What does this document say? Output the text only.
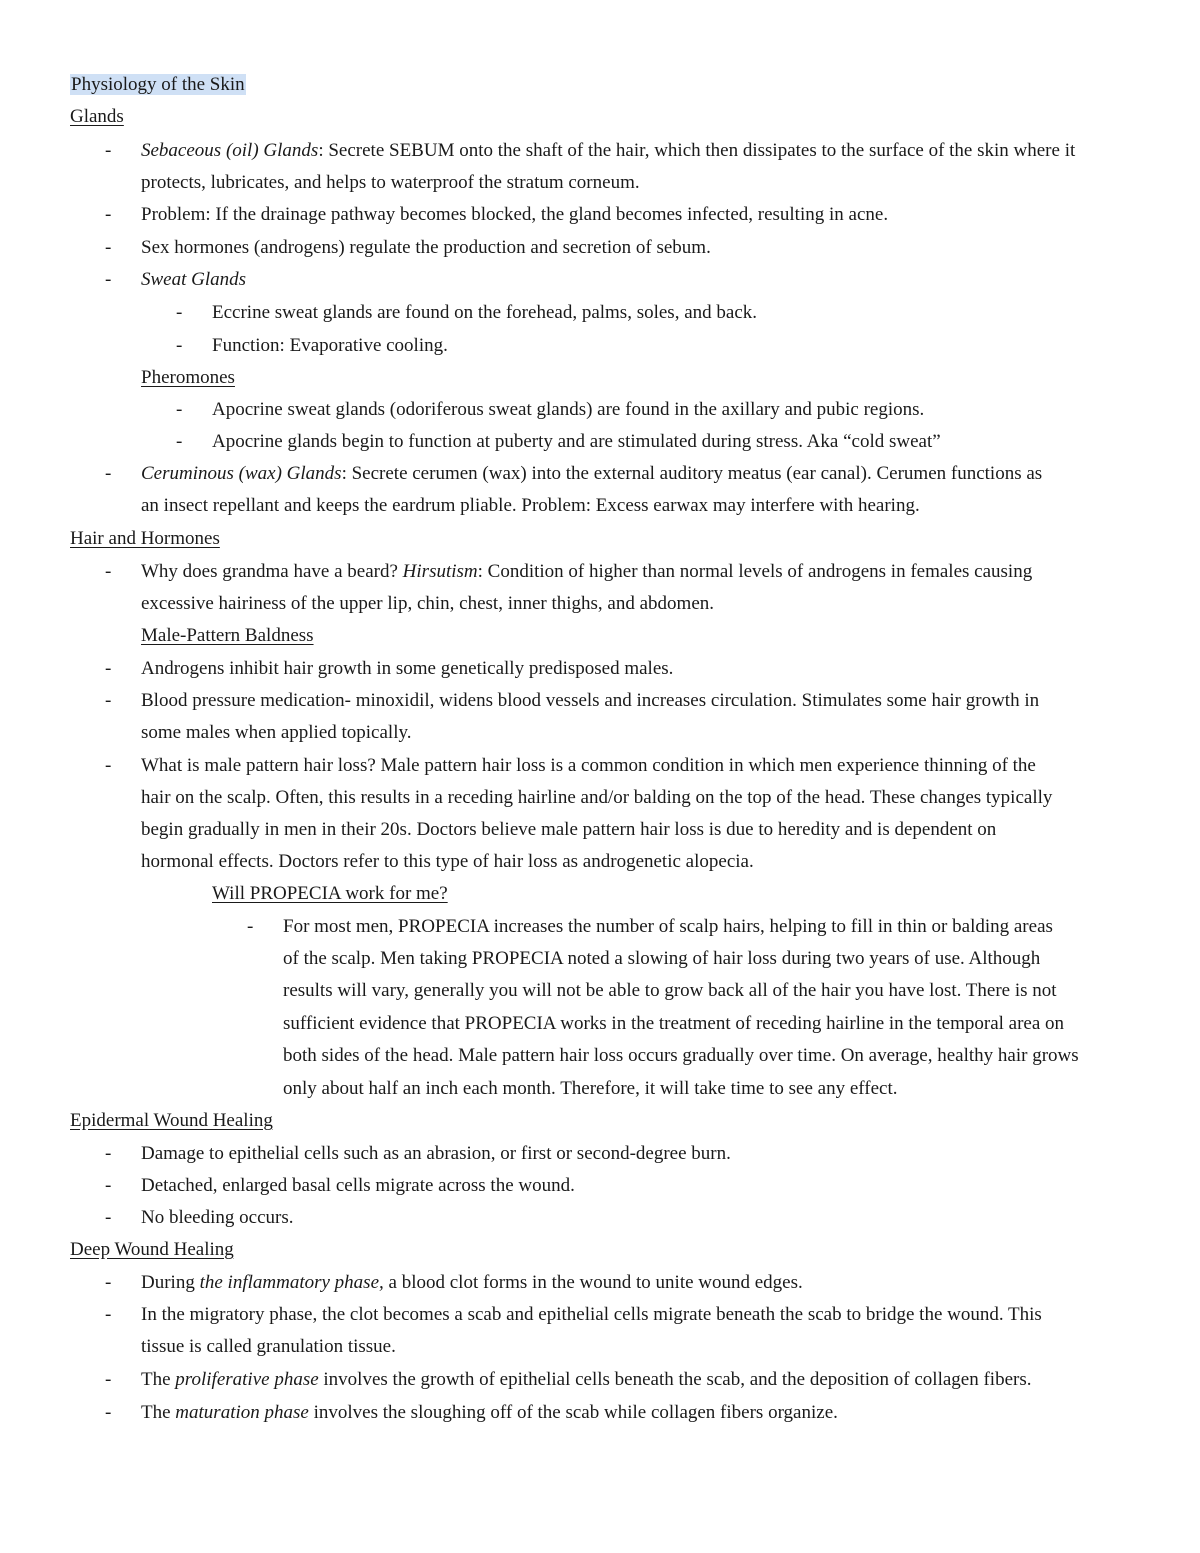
Physiology of the Skin
Glands
- Sebaceous (oil) Glands: Secrete SEBUM onto the shaft of the hair, which then dissipates to the surface of the skin where it
protects, lubricates, and helps to waterproof the stratum corneum.
- Problem: If the drainage pathway becomes blocked, the gland becomes infected, resulting in acne.
- Sex hormones (androgens) regulate the production and secretion of sebum.
- Sweat Glands
- Eccrine sweat glands are found on the forehead, palms, soles, and back.
- Function: Evaporative cooling.
Pheromones
- Apocrine sweat glands (odoriferous sweat glands) are found in the axillary and pubic regions.
- Apocrine glands begin to function at puberty and are stimulated during stress. Aka “cold sweat”
- Ceruminous (wax) Glands: Secrete cerumen (wax) into the external auditory meatus (ear canal). Cerumen functions as
an insect repellant and keeps the eardrum pliable. Problem: Excess earwax may interfere with hearing.
Hair and Hormones
- Why does grandma have a beard? Hirsutism: Condition of higher than normal levels of androgens in females causing
excessive hairiness of the upper lip, chin, chest, inner thighs, and abdomen.
Male-Pattern Baldness
- Androgens inhibit hair growth in some genetically predisposed males.
- Blood pressure medication- minoxidil, widens blood vessels and increases circulation. Stimulates some hair growth in
some males when applied topically.
- What is male pattern hair loss? Male pattern hair loss is a common condition in which men experience thinning of the
hair on the scalp. Often, this results in a receding hairline and/or balding on the top of the head. These changes typically
begin gradually in men in their 20s. Doctors believe male pattern hair loss is due to heredity and is dependent on
hormonal effects. Doctors refer to this type of hair loss as androgenetic alopecia.
Will PROPECIA work for me?
- For most men, PROPECIA increases the number of scalp hairs, helping to fill in thin or balding areas
of the scalp. Men taking PROPECIA noted a slowing of hair loss during two years of use. Although
results will vary, generally you will not be able to grow back all of the hair you have lost. There is not
sufficient evidence that PROPECIA works in the treatment of receding hairline in the temporal area on
both sides of the head. Male pattern hair loss occurs gradually over time. On average, healthy hair grows
only about half an inch each month. Therefore, it will take time to see any effect.
Epidermal Wound Healing
- Damage to epithelial cells such as an abrasion, or first or second-degree burn.
- Detached, enlarged basal cells migrate across the wound.
- No bleeding occurs.
Deep Wound Healing
- During the inflammatory phase, a blood clot forms in the wound to unite wound edges.
- In the migratory phase, the clot becomes a scab and epithelial cells migrate beneath the scab to bridge the wound. This
tissue is called granulation tissue.
- The proliferative phase involves the growth of epithelial cells beneath the scab, and the deposition of collagen fibers.
- The maturation phase involves the sloughing off of the scab while collagen fibers organize.
